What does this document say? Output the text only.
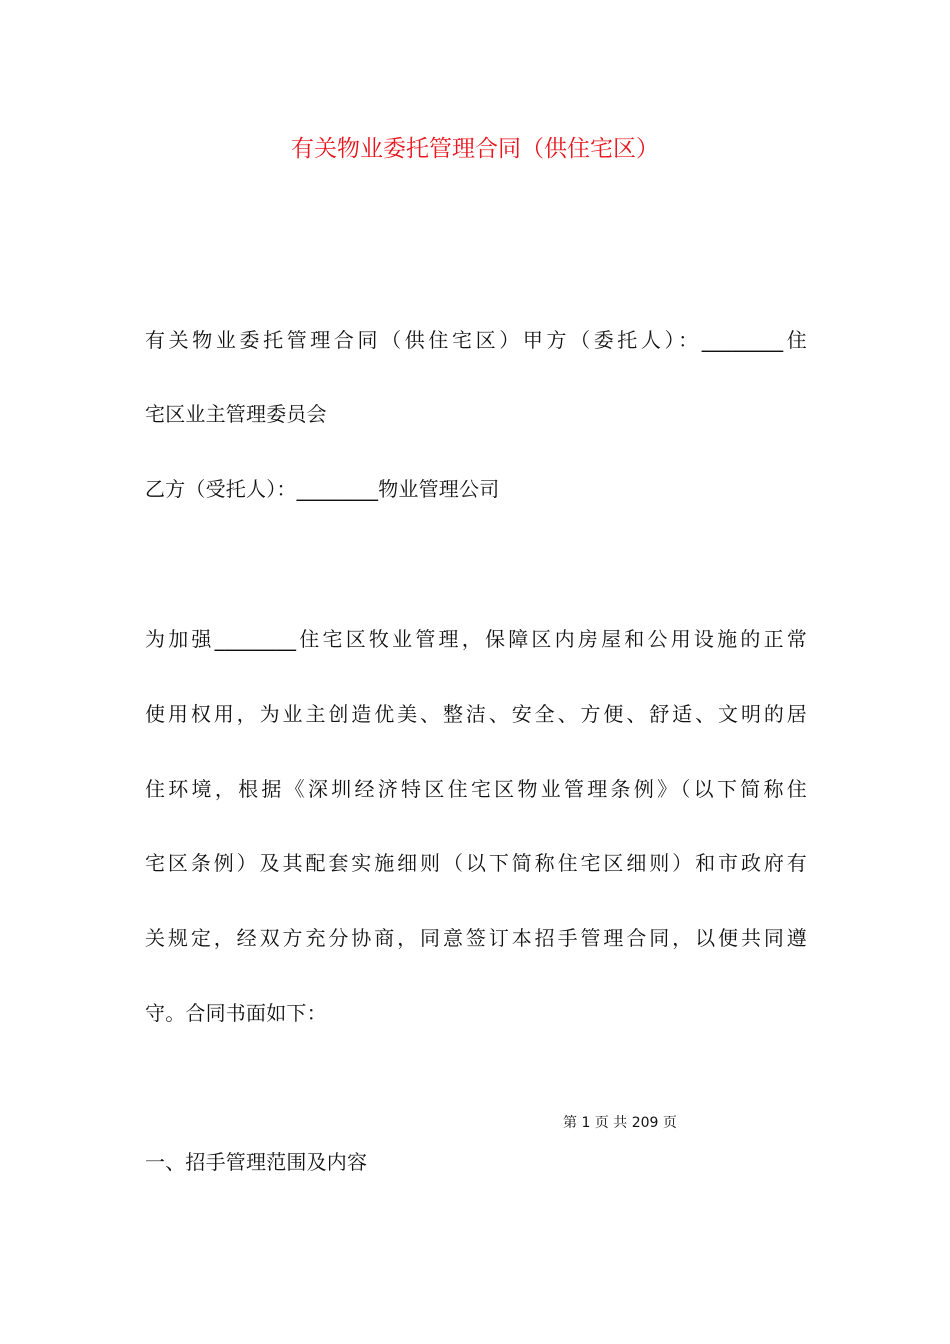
有关物业委托管理合同（供住宅区）
有关物业委托管理合同（供住宅区）甲方（委托人）：________住
宅区业主管理委员会
乙方（受托人）：________物业管理公司
为加强________住宅区牧业管理，保障区内房屋和公用设施的正常
使用权用，为业主创造优美、整洁、安全、方便、舒适、文明的居
住环境，根据《深圳经济特区住宅区物业管理条例》（以下简称住
宅区条例）及其配套实施细则（以下简称住宅区细则）和市政府有
关规定，经双方充分协商，同意签订本招手管理合同，以便共同遵
守。合同书面如下：
第 1 页 共 209 页
一、招手管理范围及内容
